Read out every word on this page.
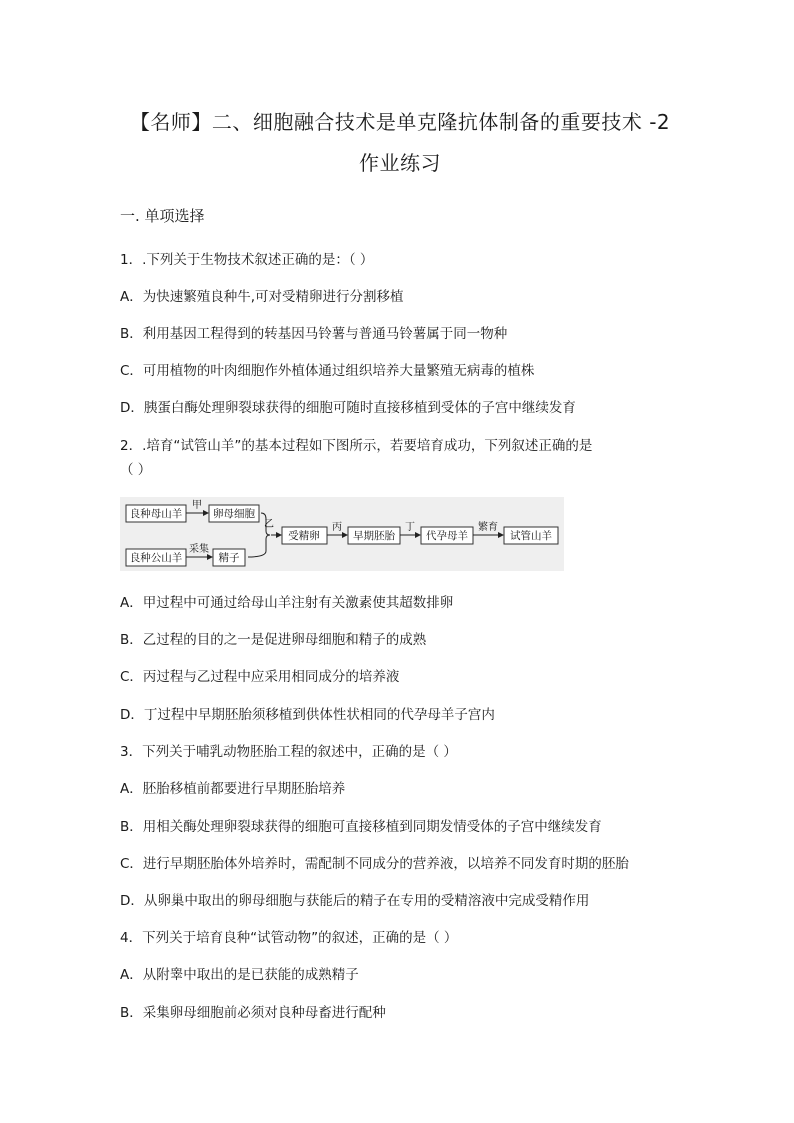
【名师】二、细胞融合技术是单克隆抗体制备的重要技术 -2
作业练习
一. 单项选择
1．.下列关于生物技术叙述正确的是：（ ）
A．为快速繁殖良种牛,可对受精卵进行分割移植
B．利用基因工程得到的转基因马铃薯与普通马铃薯属于同一物种
C．可用植物的叶肉细胞作外植体通过组织培养大量繁殖无病毒的植株
D．胰蛋白酶处理卵裂球获得的细胞可随时直接移植到受体的子宫中继续发育
2．.培育“试管山羊”的基本过程如下图所示，若要培育成功，下列叙述正确的是
（ ）
良种母山羊
甲
卵母细胞
良种公山羊
采集
精子
乙
受精卵
丙
早期胚胎
丁
代孕母羊
繁育
试管山羊
A．甲过程中可通过给母山羊注射有关激素使其超数排卵
B．乙过程的目的之一是促进卵母细胞和精子的成熟
C．丙过程与乙过程中应采用相同成分的培养液
D．丁过程中早期胚胎须移植到供体性状相同的代孕母羊子宫内
3．下列关于哺乳动物胚胎工程的叙述中，正确的是（ ）
A．胚胎移植前都要进行早期胚胎培养
B．用相关酶处理卵裂球获得的细胞可直接移植到同期发情受体的子宫中继续发育
C．进行早期胚胎体外培养时，需配制不同成分的营养液，以培养不同发育时期的胚胎
D．从卵巢中取出的卵母细胞与获能后的精子在专用的受精溶液中完成受精作用
4．下列关于培育良种“试管动物”的叙述，正确的是（ ）
A．从附睾中取出的是已获能的成熟精子
B．采集卵母细胞前必须对良种母畜进行配种
